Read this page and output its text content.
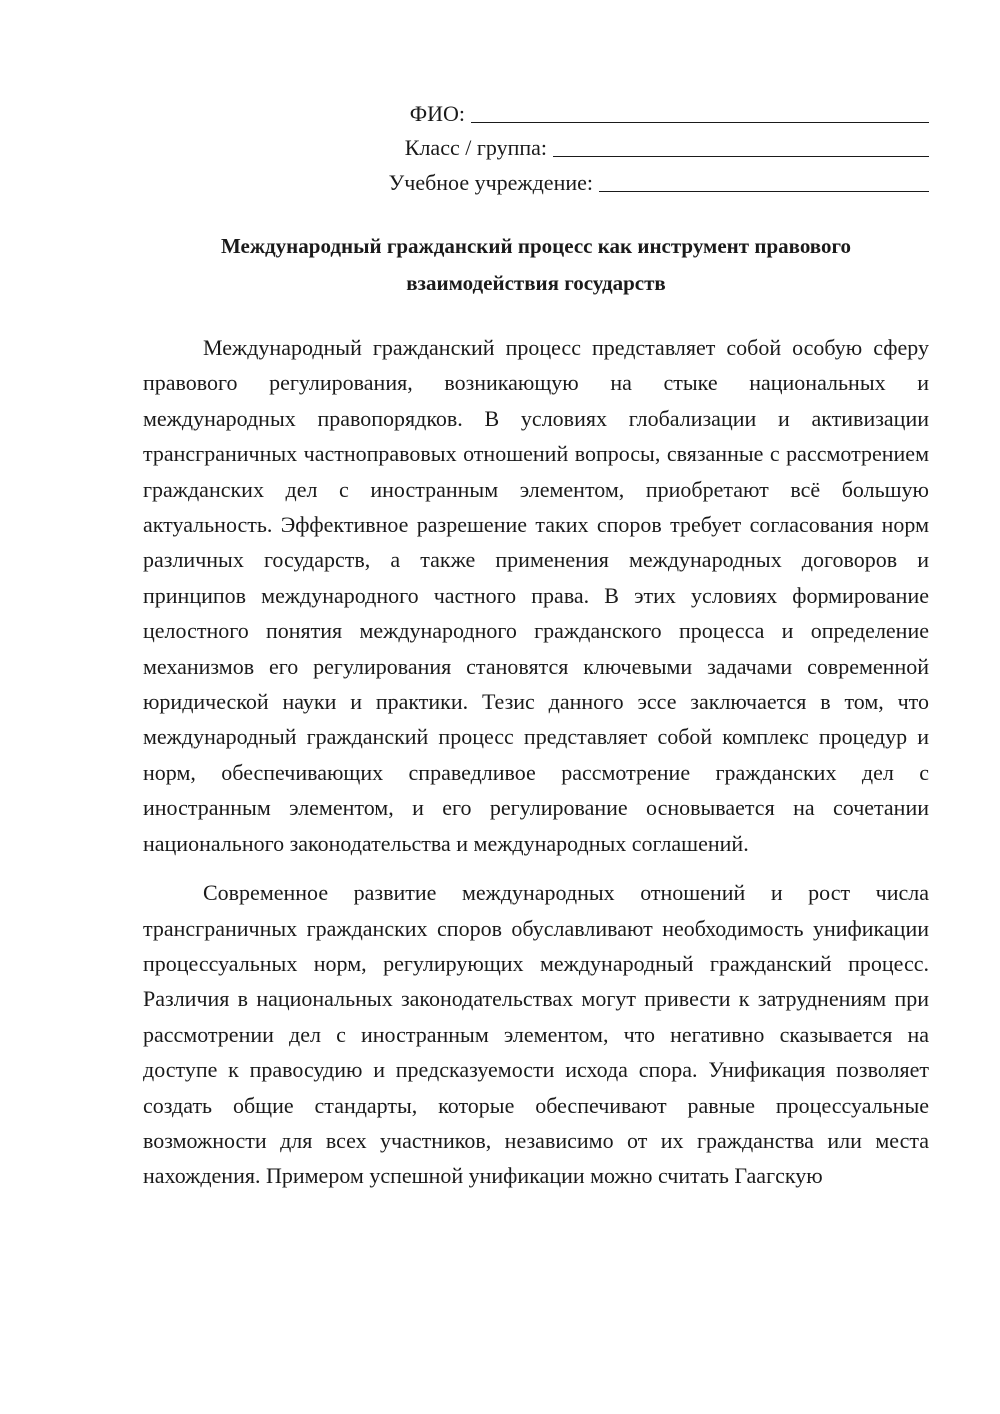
ФИО:
Класс / группа:
Учебное учреждение:
Международный гражданский процесс как инструмент правового взаимодействия государств

Международный гражданский процесс представляет собой особую сферу правового регулирования, возникающую на стыке национальных и международных правопорядков. В условиях глобализации и активизации трансграничных частноправовых отношений вопросы, связанные с рассмотрением гражданских дел с иностранным элементом, приобретают всё большую актуальность. Эффективное разрешение таких споров требует согласования норм различных государств, а также применения международных договоров и принципов международного частного права. В этих условиях формирование целостного понятия международного гражданского процесса и определение механизмов его регулирования становятся ключевыми задачами современной юридической науки и практики. Тезис данного эссе заключается в том, что международный гражданский процесс представляет собой комплекс процедур и норм, обеспечивающих справедливое рассмотрение гражданских дел с иностранным элементом, и его регулирование основывается на сочетании национального законодательства и международных соглашений.

Современное развитие международных отношений и рост числа трансграничных гражданских споров обуславливают необходимость унификации процессуальных норм, регулирующих международный гражданский процесс. Различия в национальных законодательствах могут привести к затруднениям при рассмотрении дел с иностранным элементом, что негативно сказывается на доступе к правосудию и предсказуемости исхода спора. Унификация позволяет создать общие стандарты, которые обеспечивают равные процессуальные возможности для всех участников, независимо от их гражданства или места нахождения. Примером успешной унификации можно считать Гаагскую
